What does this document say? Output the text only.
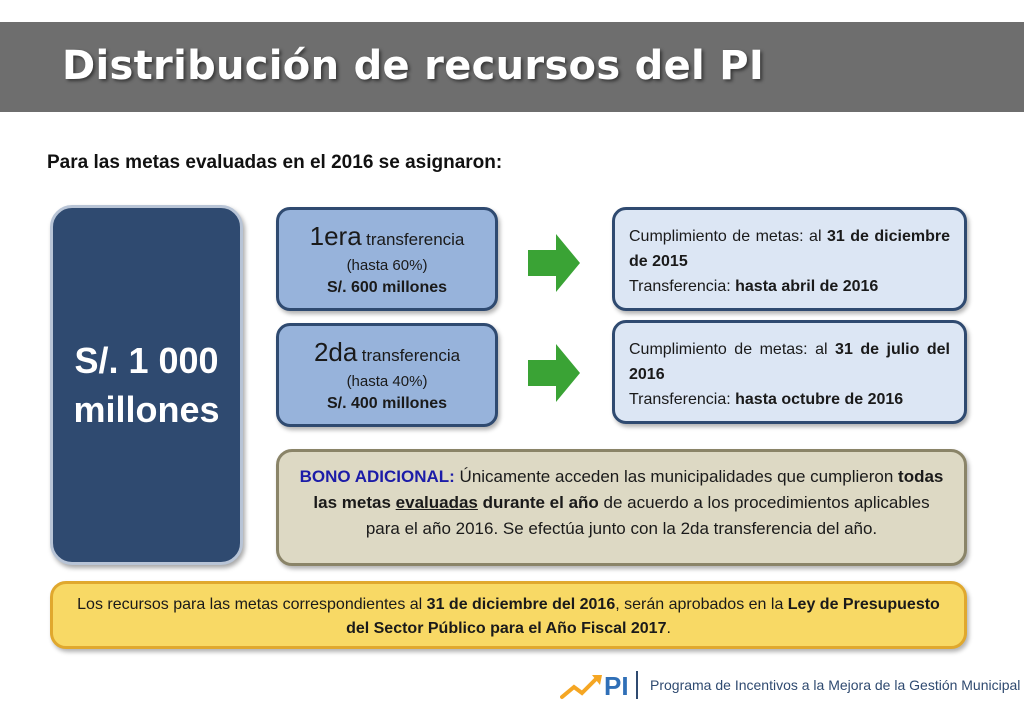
Distribución de recursos del PI
Para las metas evaluadas en el 2016 se asignaron:
S/. 1 000
millones
1era transferencia
(hasta 60%)
S/. 600 millones
2da transferencia
(hasta 40%)
S/. 400 millones
Cumplimiento de metas: al 31 de diciembre de 2015
Transferencia: hasta abril de 2016
Cumplimiento de metas: al 31 de julio del 2016
Transferencia: hasta octubre de 2016
BONO ADICIONAL: Únicamente acceden las municipalidades que cumplieron todas las metas evaluadas durante el año de acuerdo a los procedimientos aplicables para el año 2016. Se efectúa junto con la 2da transferencia del año.
Los recursos para las metas correspondientes al 31 de diciembre del 2016, serán aprobados en la Ley de Presupuesto del Sector Público para el Año Fiscal 2017.
PI Programa de Incentivos a la Mejora de la Gestión Municipal
